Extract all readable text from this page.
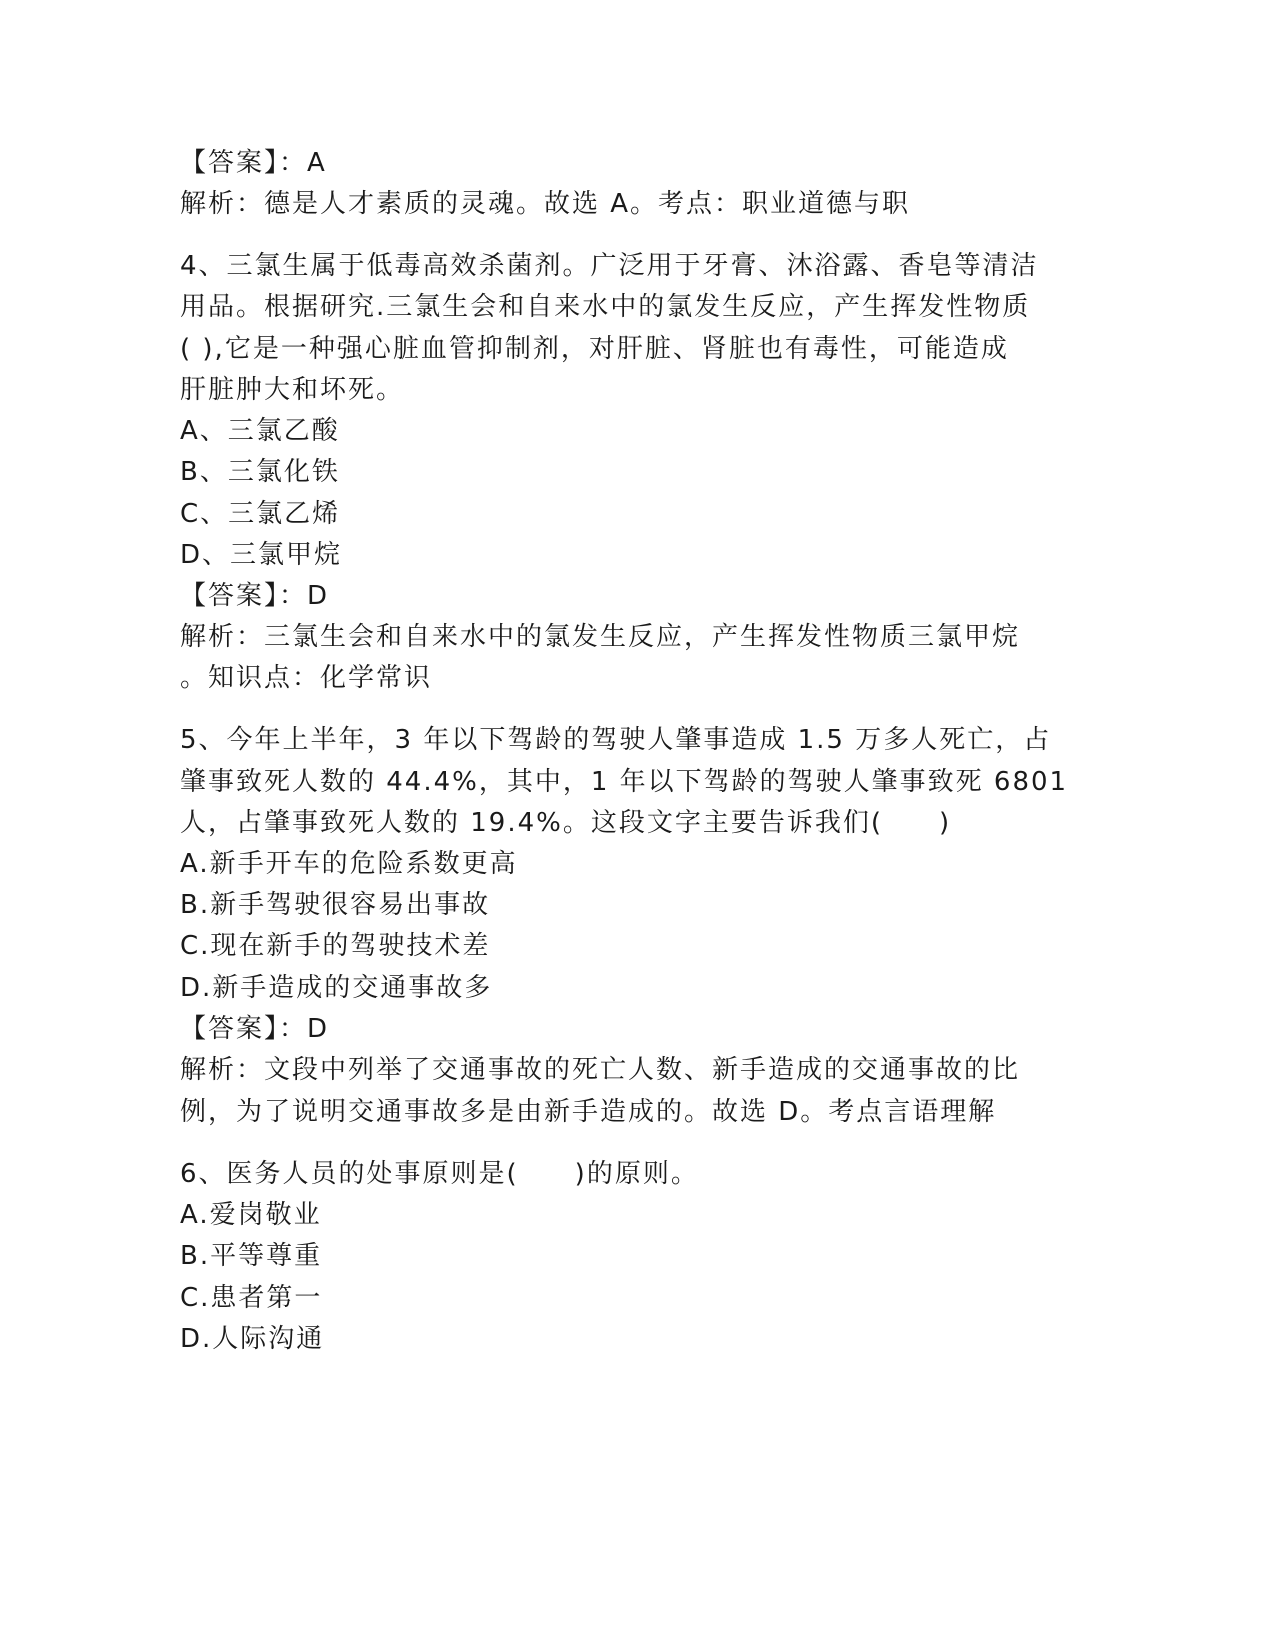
【答案】：A
解析：德是人才素质的灵魂。故选 A。考点：职业道德与职
4、三氯生属于低毒高效杀菌剂。广泛用于牙膏、沐浴露、香皂等清洁
用品。根据研究.三氯生会和自来水中的氯发生反应，产生挥发性物质
( ),它是一种强心脏血管抑制剂，对肝脏、肾脏也有毒性，可能造成
肝脏肿大和坏死。
A、三氯乙酸
B、三氯化铁
C、三氯乙烯
D、三氯甲烷
【答案】：D
解析：三氯生会和自来水中的氯发生反应，产生挥发性物质三氯甲烷
。知识点：化学常识
5、今年上半年，3 年以下驾龄的驾驶人肇事造成 1.5 万多人死亡，占
肇事致死人数的 44.4%，其中，1 年以下驾龄的驾驶人肇事致死 6801
人，占肇事致死人数的 19.4%。这段文字主要告诉我们(　　)
A.新手开车的危险系数更高
B.新手驾驶很容易出事故
C.现在新手的驾驶技术差
D.新手造成的交通事故多
【答案】：D
解析：文段中列举了交通事故的死亡人数、新手造成的交通事故的比
例，为了说明交通事故多是由新手造成的。故选 D。考点言语理解
6、医务人员的处事原则是(　　)的原则。
A.爱岗敬业
B.平等尊重
C.患者第一
D.人际沟通
